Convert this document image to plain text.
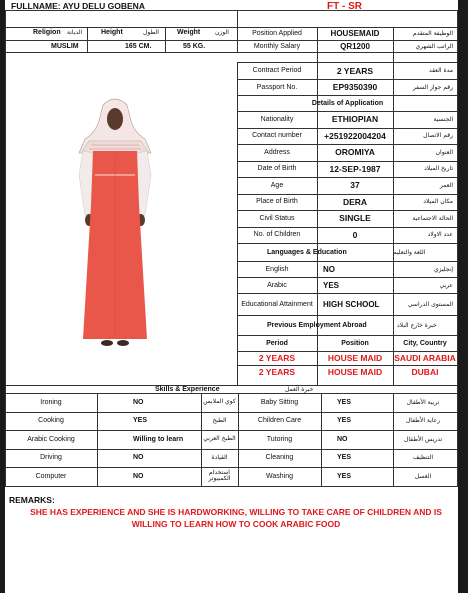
FULLNAME: AYU DELU GOBENA	FT - SR
Religion الديانة	Height	الطول	Weight الوزن
MUSLIM	165 CM.	55 KG.
Position Applied	HOUSEMAID	الوظيفة المتقدم
Monthly Salary	QR1200	الراتب الشهري
Contract Period	2 YEARS	مدة العقد
Passport No.	EP9350390	رقم جواز السفر
Details of Application
Skills & Experience	خبرة العمل
REMARKS:
SHE HAS EXPERIENCE AND SHE IS HARDWORKING, WILLING TO TAKE CARE OF CHILDREN AND IS WILLING TO LEARN HOW TO COOK ARABIC FOOD
Nationality	ETHIOPIAN	الجنسية
Contact number	+251922004204	رقم الاتصال
Address	OROMIYA	العنوان
Date of Birth	12-SEP-1987	تاريخ الميلاد
Age	37	العمر
Place of Birth	DERA	مكان الميلاد
Civil Status	SINGLE	الحالة الاجتماعية
No. of Children	0	عدد الاولاد
Languages & Education	اللغة والتعليم
English	NO	إنجليزي
Arabic	YES	عربي
Educational Attainment	HIGH SCHOOL	المستوى الدراسي
Previous Employment Abroad	خبرة خارج البلاد
Period	Position	City, Country
2 YEARS	HOUSE MAID	SAUDI ARABIA
2 YEARS	HOUSE MAID	DUBAI
Ironing	NO	كوي الملابس	Baby Sitting	YES	تربية الأطفال
Cooking	YES	الطبخ	Children Care	YES	رعاية الأطفال
Arabic Cooking	Willing to learn	الطبخ العربي	Tutoring	NO	تدريس الأطفال
Driving	NO	القيادة	Cleaning	YES	التنظيف
Computer	NO	استخدام الكمبيوتر	Washing	YES	الغسل
